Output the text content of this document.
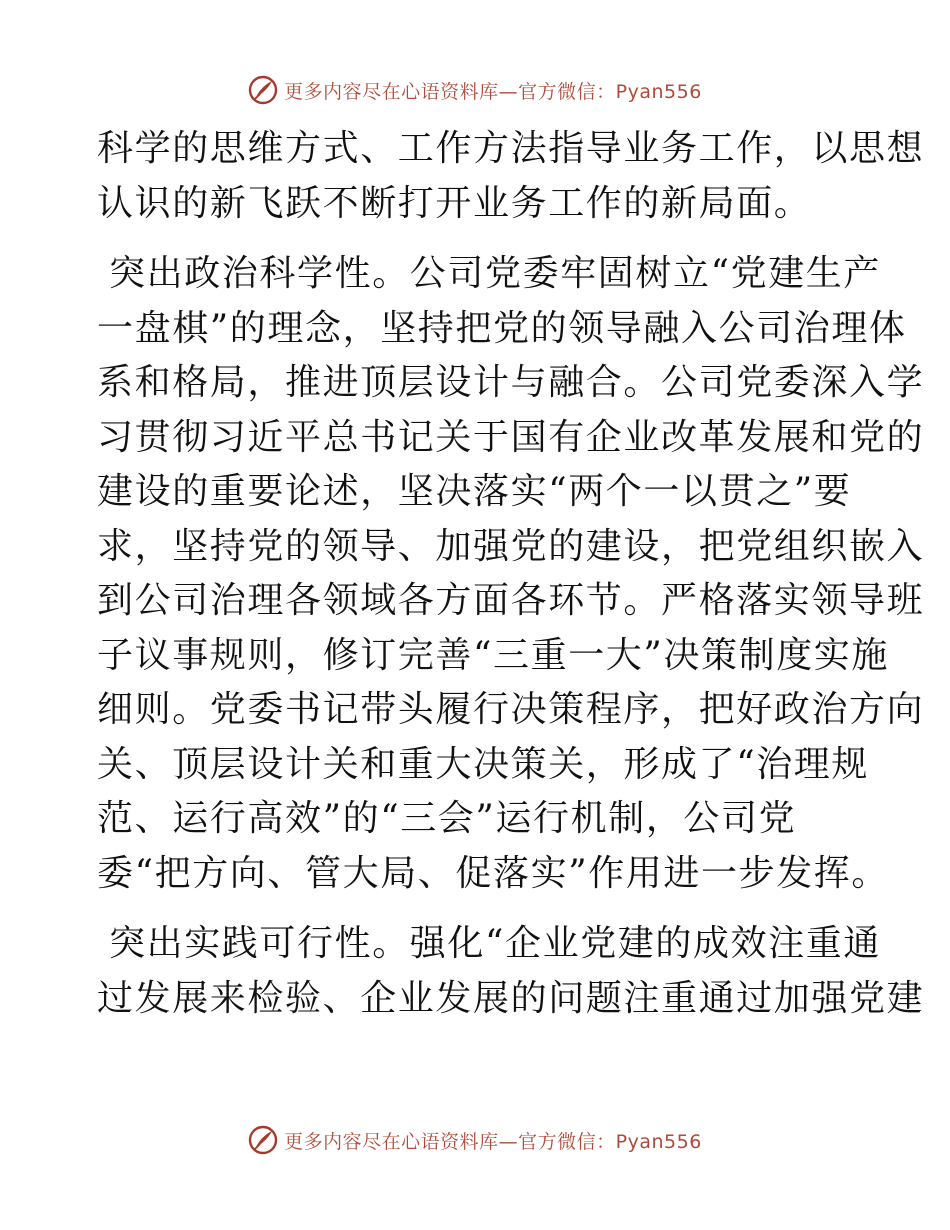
更多内容尽在心语资料库—官方微信：Pyan556
科学的思维方式、工作方法指导业务工作，以思想
认识的新飞跃不断打开业务工作的新局面。
突出政治科学性。公司党委牢固树立“党建生产
一盘棋”的理念，坚持把党的领导融入公司治理体
系和格局，推进顶层设计与融合。公司党委深入学
习贯彻习近平总书记关于国有企业改革发展和党的
建设的重要论述，坚决落实“两个一以贯之”要
求，坚持党的领导、加强党的建设，把党组织嵌入
到公司治理各领域各方面各环节。严格落实领导班
子议事规则，修订完善“三重一大”决策制度实施
细则。党委书记带头履行决策程序，把好政治方向
关、顶层设计关和重大决策关，形成了“治理规
范、运行高效”的“三会”运行机制，公司党
委“把方向、管大局、促落实”作用进一步发挥。
突出实践可行性。强化“企业党建的成效注重通
过发展来检验、企业发展的问题注重通过加强党建
更多内容尽在心语资料库—官方微信：Pyan556
